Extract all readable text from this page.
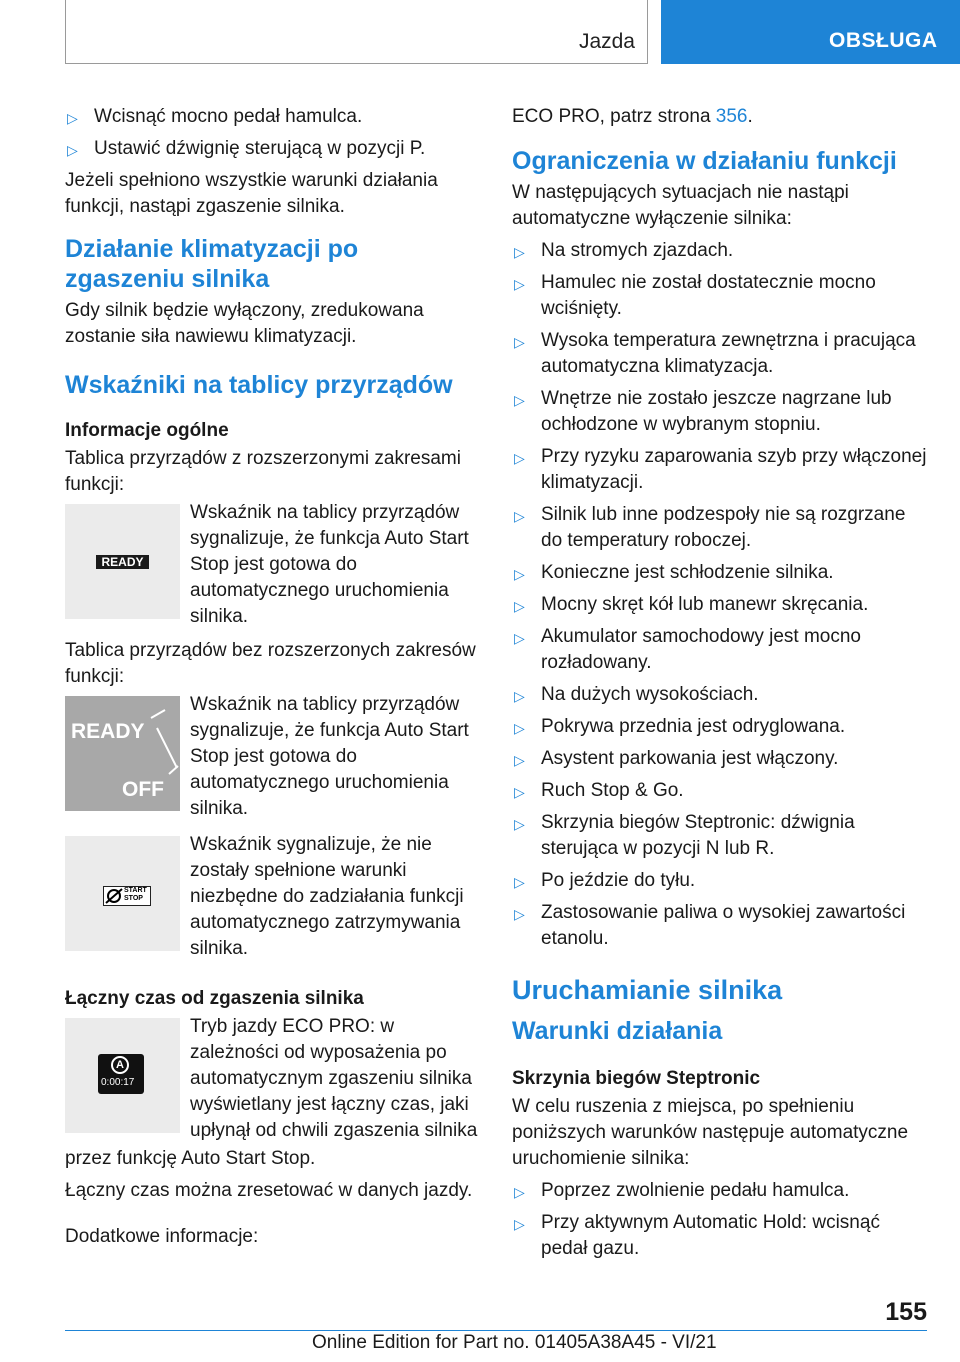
Jazda	OBSŁUGA
▷ Wcisnąć mocno pedał hamulca.
▷ Ustawić dźwignię sterującą w pozycji P.

Jeżeli spełniono wszystkie warunki działania funkcji, nastąpi zgaszenie silnika.

Działanie klimatyzacji po zgaszeniu silnika

Gdy silnik będzie wyłączony, zredukowana zostanie siła nawiewu klimatyzacji.

Wskaźniki na tablicy przyrządów
Informacje ogólne

Tablica przyrządów z rozszerzonymi zakresami funkcji:

READY
Wskaźnik na tablicy przyrządów sygnalizuje, że funkcja Auto Start Stop jest gotowa do automatycznego uruchomienia silnika.

Tablica przyrządów bez rozszerzonych zakresów funkcji:

READY
OFF
Wskaźnik na tablicy przyrządów sygnalizuje, że funkcja Auto Start Stop jest gotowa do automatycznego uruchomienia silnika.
START STOP
Wskaźnik sygnalizuje, że nie zostały spełnione warunki niezbędne do zadziałania funkcji automatycznego zatrzymywania silnika.
Łączny czas od zgaszenia silnika
A
0:00:17
Tryb jazdy ECO PRO: w zależności od wyposażenia po automatycznym zgaszeniu silnika wyświetlany jest łączny czas, jaki upłynął od chwili zgaszenia silnika

przez funkcję Auto Start Stop.

Łączny czas można zresetować w danych jazdy.

Dodatkowe informacje:

ECO PRO, patrz strona 356.

Ograniczenia w działaniu funkcji

W następujących sytuacjach nie nastąpi automatyczne wyłączenie silnika:

▷ Na stromych zjazdach.
▷ Hamulec nie został dostatecznie mocno wciśnięty.
▷ Wysoka temperatura zewnętrzna i pracująca automatyczna klimatyzacja.
▷ Wnętrze nie zostało jeszcze nagrzane lub ochłodzone w wybranym stopniu.
▷ Przy ryzyku zaparowania szyb przy włączonej klimatyzacji.
▷ Silnik lub inne podzespoły nie są rozgrzane do temperatury roboczej.
▷ Konieczne jest schłodzenie silnika.
▷ Mocny skręt kół lub manewr skręcania.
▷ Akumulator samochodowy jest mocno rozładowany.
▷ Na dużych wysokościach.
▷ Pokrywa przednia jest odryglowana.
▷ Asystent parkowania jest włączony.
▷ Ruch Stop & Go.
▷ Skrzynia biegów Steptronic: dźwignia sterująca w pozycji N lub R.
▷ Po jeździe do tyłu.
▷ Zastosowanie paliwa o wysokiej zawartości etanolu.
Uruchamianie silnika
Warunki działania
Skrzynia biegów Steptronic

W celu ruszenia z miejsca, po spełnieniu poniższych warunków następuje automatyczne uruchomienie silnika:

▷ Poprzez zwolnienie pedału hamulca.
▷ Przy aktywnym Automatic Hold: wcisnąć pedał gazu.
155
Online Edition for Part no. 01405A38A45 - VI/21
